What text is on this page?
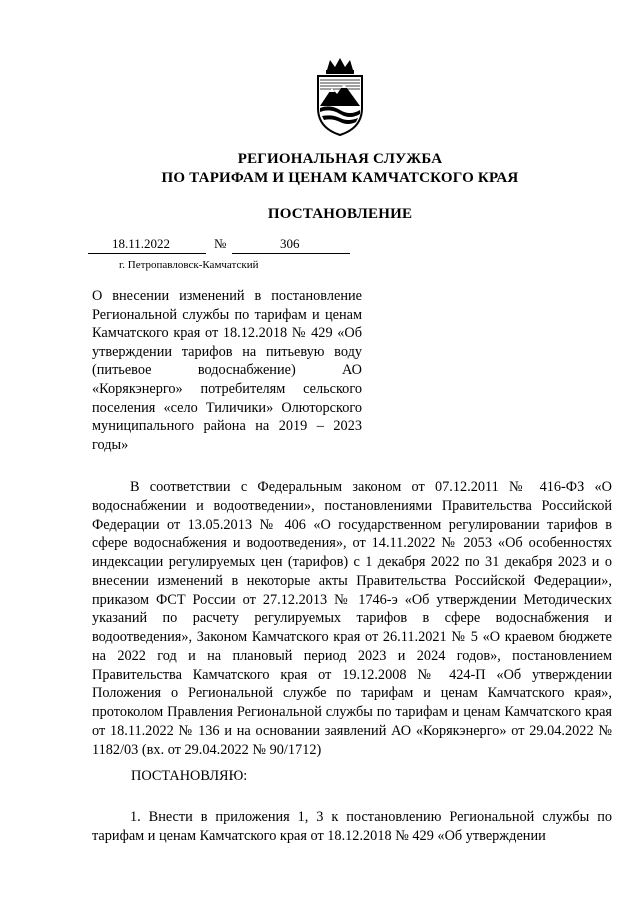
РЕГИОНАЛЬНАЯ СЛУЖБА
ПО ТАРИФАМ И ЦЕНАМ КАМЧАТСКОГО КРАЯ
ПОСТАНОВЛЕНИЕ
18.11.2022	№	306
г. Петропавловск-Камчатский

О внесении изменений в постановление Региональной службы по тарифам и ценам Камчатского края от 18.12.2018 № 429 «Об утверждении тарифов на питьевую воду (питьевое водоснабжение) АО «Корякэнерго» потребителям сельского поселения «село Тиличики» Олюторского муниципального района на 2019 – 2023 годы»

В соответствии с Федеральным законом от 07.12.2011 № 416-ФЗ «О водоснабжении и водоотведении», постановлениями Правительства Российской Федерации от 13.05.2013 № 406 «О государственном регулировании тарифов в сфере водоснабжения и водоотведения», от 14.11.2022 № 2053 «Об особенностях индексации регулируемых цен (тарифов) с 1 декабря 2022 по 31 декабря 2023 и о внесении изменений в некоторые акты Правительства Российской Федерации», приказом ФСТ России от 27.12.2013 № 1746-э «Об утверждении Методических указаний по расчету регулируемых тарифов в сфере водоснабжения и водоотведения», Законом Камчатского края от 26.11.2021 № 5 «О краевом бюджете на 2022 год и на плановый период 2023 и 2024 годов», постановлением Правительства Камчатского края от 19.12.2008 № 424-П «Об утверждении Положения о Региональной службе по тарифам и ценам Камчатского края», протоколом Правления Региональной службы по тарифам и ценам Камчатского края от 18.11.2022 № 136 и на основании заявлений АО «Корякэнерго» от 29.04.2022 № 1182/03 (вх. от 29.04.2022 № 90/1712)

ПОСТАНОВЛЯЮ:

1. Внести в приложения 1, 3 к постановлению Региональной службы по тарифам и ценам Камчатского края от 18.12.2018 № 429 «Об утверждении
